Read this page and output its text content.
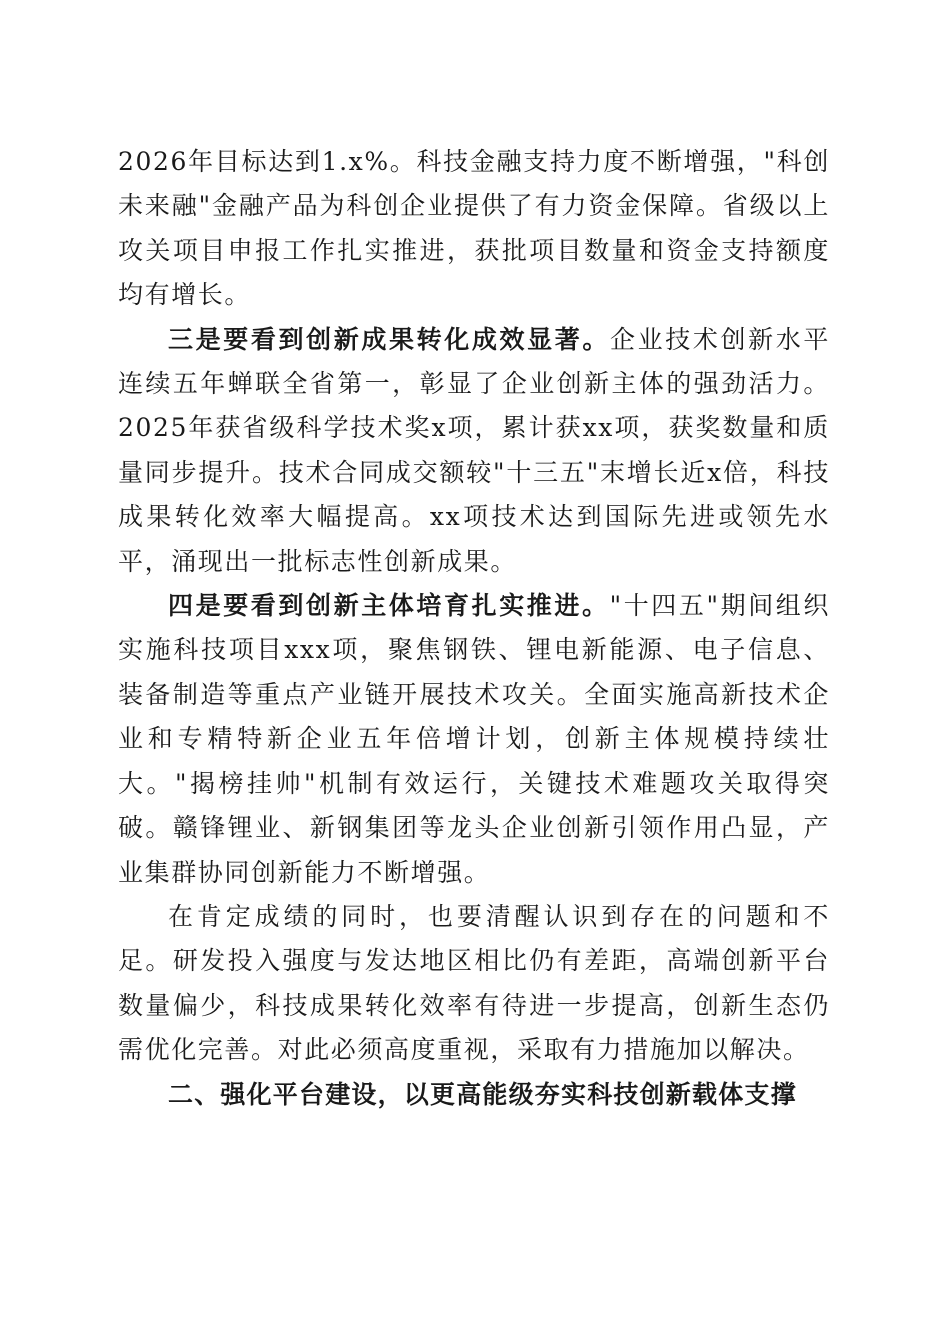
2026年目标达到1.x%。科技金融支持力度不断增强，"科创未来融"金融产品为科创企业提供了有力资金保障。省级以上攻关项目申报工作扎实推进，获批项目数量和资金支持额度均有增长。

三是要看到创新成果转化成效显著。企业技术创新水平连续五年蝉联全省第一，彰显了企业创新主体的强劲活力。2025年获省级科学技术奖x项，累计获xx项，获奖数量和质量同步提升。技术合同成交额较"十三五"末增长近x倍，科技成果转化效率大幅提高。xx项技术达到国际先进或领先水平，涌现出一批标志性创新成果。

四是要看到创新主体培育扎实推进。"十四五"期间组织实施科技项目xxx项，聚焦钢铁、锂电新能源、电子信息、装备制造等重点产业链开展技术攻关。全面实施高新技术企业和专精特新企业五年倍增计划，创新主体规模持续壮大。"揭榜挂帅"机制有效运行，关键技术难题攻关取得突破。赣锋锂业、新钢集团等龙头企业创新引领作用凸显，产业集群协同创新能力不断增强。

在肯定成绩的同时，也要清醒认识到存在的问题和不足。研发投入强度与发达地区相比仍有差距，高端创新平台数量偏少，科技成果转化效率有待进一步提高，创新生态仍需优化完善。对此必须高度重视，采取有力措施加以解决。

二、强化平台建设，以更高能级夯实科技创新载体支撑
